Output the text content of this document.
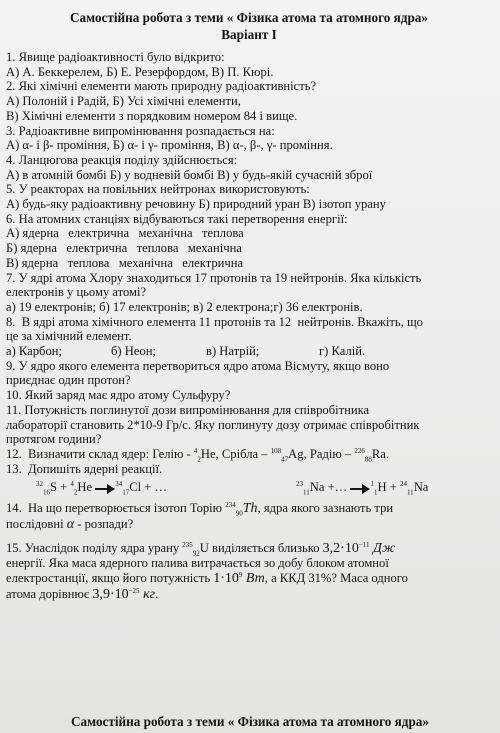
Самостійна робота з теми « Фізика атома та атомного ядра»
Варіант І
1. Явище радіоактивності було відкрито:
А) А. Беккерелем, Б) Е. Резерфордом, В) П. Кюрі.
2. Які хімічні елементи мають природну радіоактивність?
А) Полоній і Радій, Б) Усі хімічні елементи,
В) Хімічні елементи з порядковим номером 84 і вище.
3. Радіоактивне випромінювання розпадається на:
А) α- і β- проміння, Б) α- і γ- проміння, В) α-, β-, γ- проміння.
4. Ланцюгова реакція поділу здійснюється:
А) в атомній бомбі Б) у водневій бомбі В) у будь-якій сучасній зброї
5. У реакторах на повільних нейтронах використовують:
А) будь-яку радіоактивну речовину Б) природний уран В) ізотоп урану
6. На атомних станціях відбуваються такі перетворення енергії:
А) ядерна   електрична   механічна   теплова
Б) ядерна   електрична   теплова   механічна
В) ядерна   теплова   механічна   електрична
7. У ядрі атома Хлору знаходиться 17 протонів та 19 нейтронів. Яка кількість
електронів у цьому атомі?
а) 19 електронів; б) 17 електронів; в) 2 електрона;г) 36 електронів.
8.  В ядрі атома хімічного елемента 11 протонів та 12  нейтронів. Вкажіть, що
це за хімічний елемент.
а) Карбон;	б) Неон;	в) Натрій;	г) Калій.
9. У ядро якого елемента перетвориться ядро атома Вісмуту, якщо воно
приєднає один протон?
10. Який заряд має ядро атому Сульфуру?
11. Потужність поглинутої дози випромінювання для співробітника
лабораторії становить 2*10-9 Гр/с. Яку поглинуту дозу отримає співробітник
протягом години?
12.  Визначити склад ядер: Гелію - $^4_2$He, Срібла – $^{108}_{47}$Ag, Радію – $^{226}_{88}$Ra.
13.  Допишіть ядерні реакції.
$^{32}_{16}$S + $^4_2$He	$^{34}_{17}$Cl + …	$^{23}_{11}$Na +…	$^1_1$H + $^{24}_{11}$Na
14.  На що перетворюється ізотоп Торію $^{234}_{90}$Th, ядра якого зазнають три
послідовні α - розпади?
15. Унаслідок поділу ядра урану $^{235}_{92}$U виділяється близько $3,2\cdot 10^{-11}$ Дж
енергії. Яка маса ядерного палива витрачається зо добу блоком атомної
електростанції, якщо його потужність $1\cdot 10^9$ Вт, а ККД 31%? Маса одного
атома дорівнює $3,9\cdot 10^{-25}$ кг.
Самостійна робота з теми « Фізика атома та атомного ядра»
